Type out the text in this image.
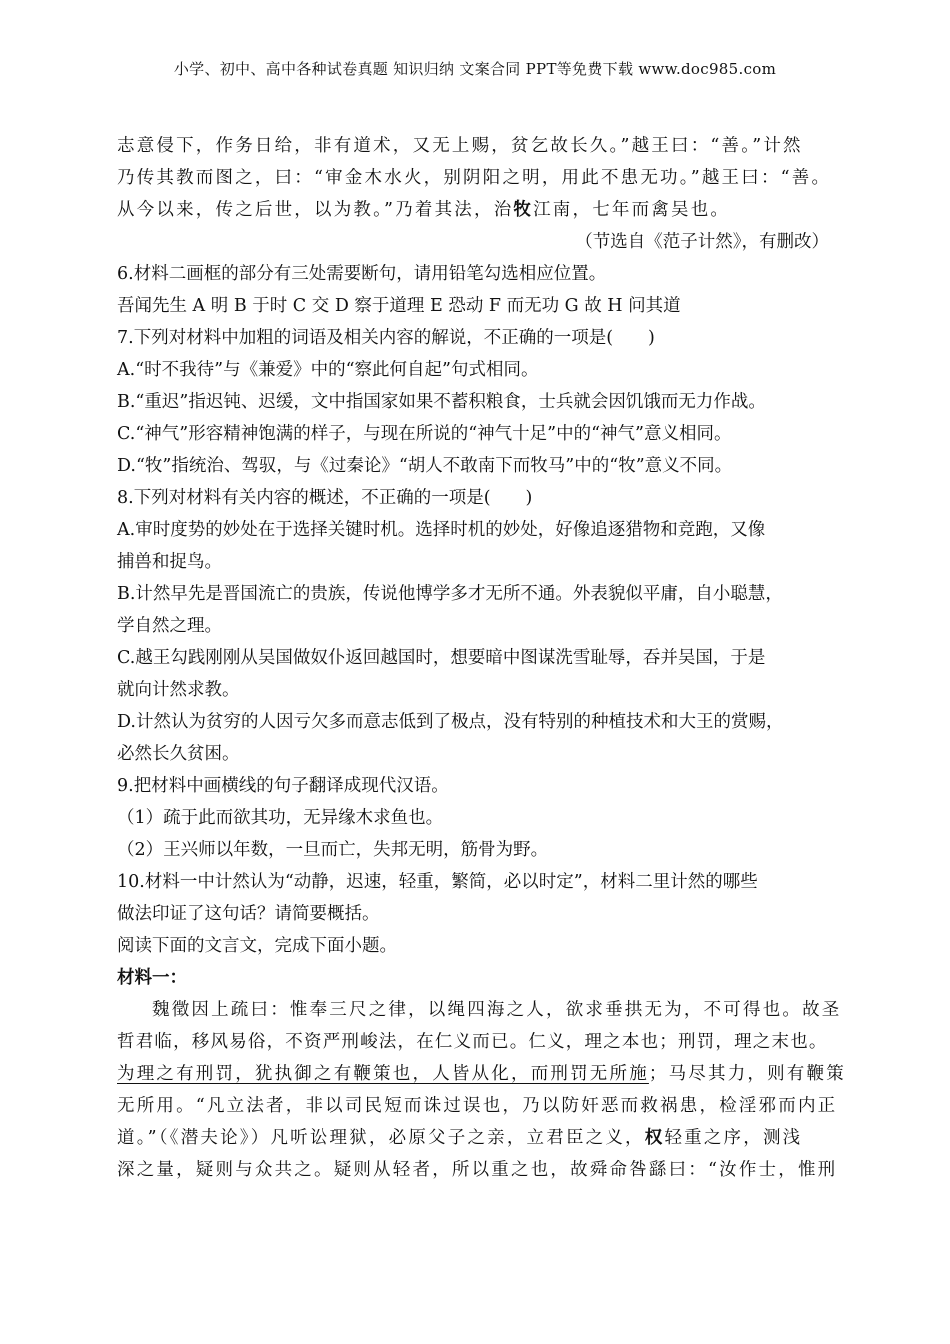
小学、初中、高中各种试卷真题 知识归纳 文案合同 PPT等免费下载 www.doc985.com
志意侵下，作务日给，非有道术，又无上赐，贫乞故长久。”越王曰：“善。”计然
乃传其教而图之，曰：“审金木水火，别阴阳之明，用此不患无功。”越王曰：“善。
从今以来，传之后世，以为教。”乃着其法，治牧江南，七年而禽吴也。
（节选自《范子计然》，有删改）
6.材料二画框的部分有三处需要断句，请用铅笔勾选相应位置。
吾闻先生 A 明 B 于时 C 交 D 察于道理 E 恐动 F 而无功 G 故 H 问其道
7.下列对材料中加粗的词语及相关内容的解说，不正确的一项是(　　)
A.“时不我待”与《兼爱》中的“察此何自起”句式相同。
B.“重迟”指迟钝、迟缓，文中指国家如果不蓄积粮食，士兵就会因饥饿而无力作战。
C.“神气”形容精神饱满的样子，与现在所说的“神气十足”中的“神气”意义相同。
D.“牧”指统治、驾驭，与《过秦论》“胡人不敢南下而牧马”中的“牧”意义不同。
8.下列对材料有关内容的概述，不正确的一项是(　　)
A.审时度势的妙处在于选择关键时机。选择时机的妙处，好像追逐猎物和竞跑，又像
捕兽和捉鸟。
B.计然早先是晋国流亡的贵族，传说他博学多才无所不通。外表貌似平庸，自小聪慧，
学自然之理。
C.越王勾践刚刚从吴国做奴仆返回越国时，想要暗中图谋洗雪耻辱，吞并吴国，于是
就向计然求教。
D.计然认为贫穷的人因亏欠多而意志低到了极点，没有特别的种植技术和大王的赏赐，
必然长久贫困。
9.把材料中画横线的句子翻译成现代汉语。
（1）疏于此而欲其功，无异缘木求鱼也。
（2）王兴师以年数，一旦而亡，失邦无明，筋骨为野。
10.材料一中计然认为“动静，迟速，轻重，繁简，必以时定”，材料二里计然的哪些
做法印证了这句话？请简要概括。
阅读下面的文言文，完成下面小题。
材料一：
魏徵因上疏曰：惟奉三尺之律，以绳四海之人，欲求垂拱无为，不可得也。故圣
哲君临，移风易俗，不资严刑峻法，在仁义而已。仁义，理之本也；刑罚，理之末也。
为理之有刑罚，犹执御之有鞭策也，人皆从化，而刑罚无所施；马尽其力，则有鞭策
无所用。“凡立法者，非以司民短而诛过误也，乃以防奸恶而救祸患，检淫邪而内正
道。”（《潜夫论》）凡听讼理狱，必原父子之亲，立君臣之义，权轻重之序，测浅
深之量，疑则与众共之。疑则从轻者，所以重之也，故舜命咎繇曰：“汝作士，惟刑
